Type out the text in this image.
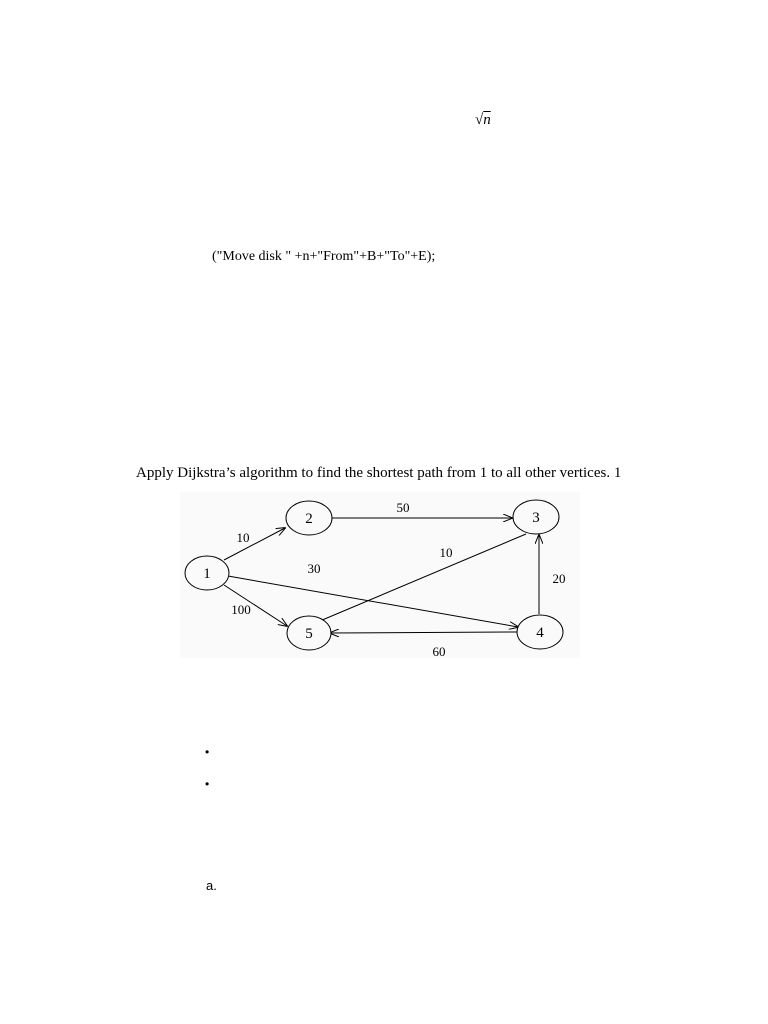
√n
("Move disk " +n+"From"+B+"To"+E);
Apply Dijkstra’s algorithm to find the shortest path from 1 to all other vertices. 1
1
2	3
4
5
10
30
100
50
10
20
60
•
•
a.
